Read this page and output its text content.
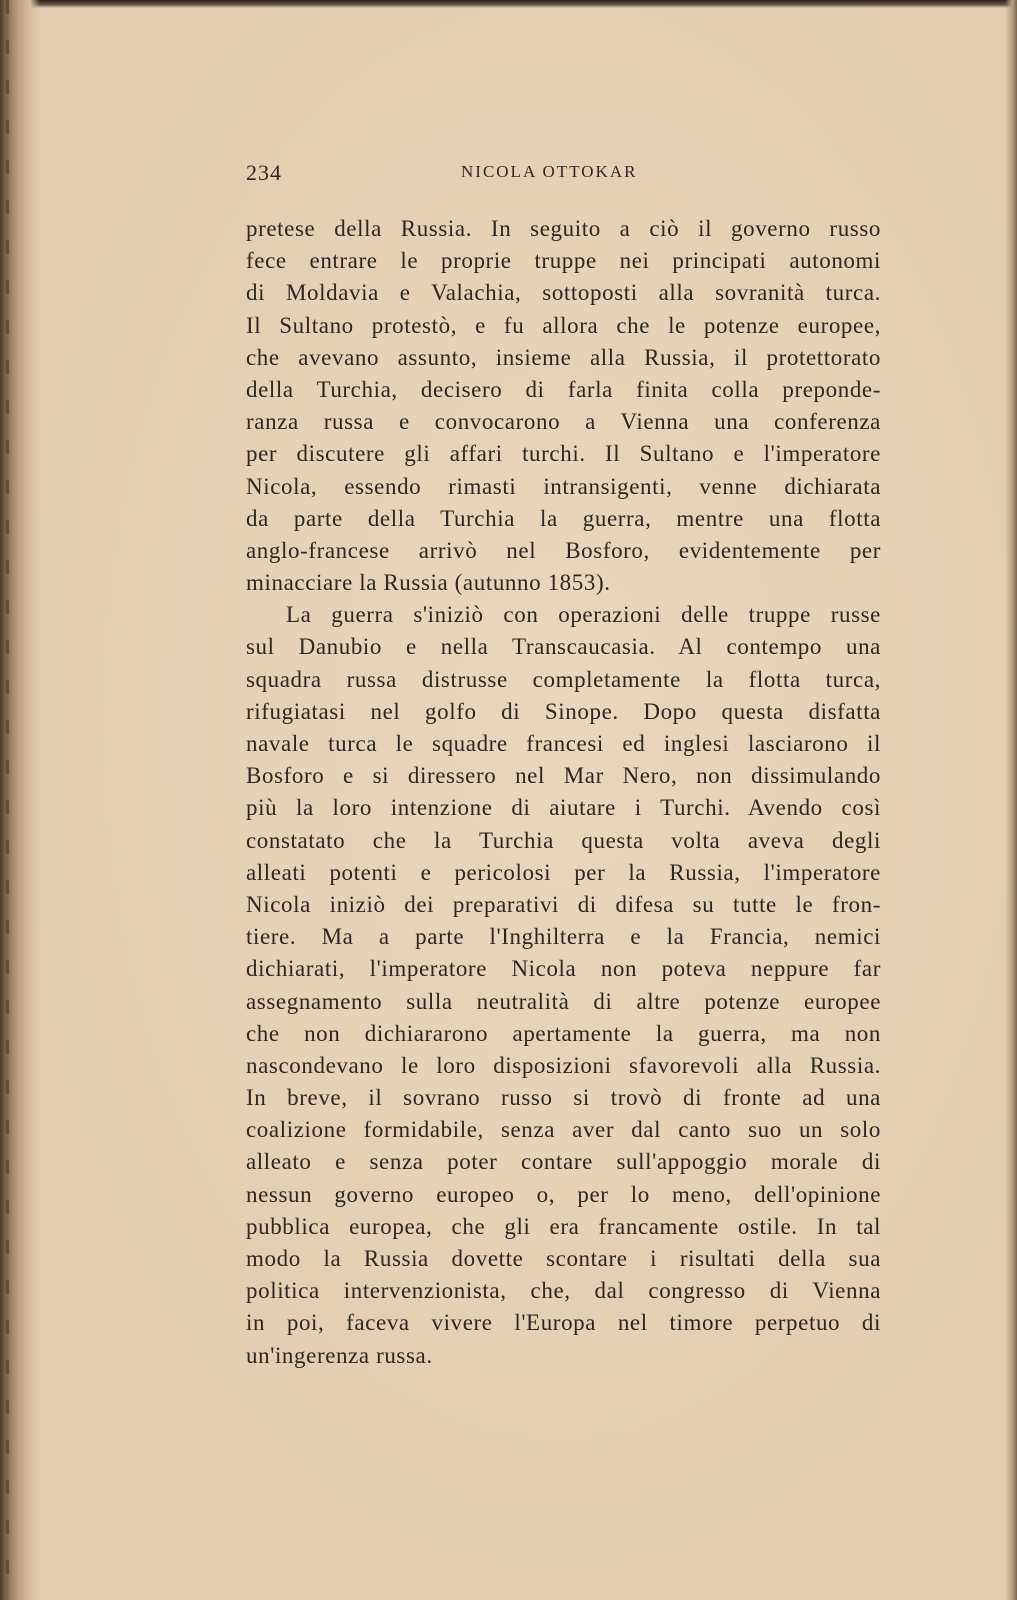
234	NICOLA OTTOKAR
pretese della Russia. In seguito a ciò il governo russo
fece entrare le proprie truppe nei principati autonomi
di Moldavia e Valachia, sottoposti alla sovranità turca.
Il Sultano protestò, e fu allora che le potenze europee,
che avevano assunto, insieme alla Russia, il protettorato
della Turchia, decisero di farla finita colla preponde-
ranza russa e convocarono a Vienna una conferenza
per discutere gli affari turchi. Il Sultano e l'imperatore
Nicola, essendo rimasti intransigenti, venne dichiarata
da parte della Turchia la guerra, mentre una flotta
anglo-francese arrivò nel Bosforo, evidentemente per
minacciare la Russia (autunno 1853).
La guerra s'iniziò con operazioni delle truppe russe
sul Danubio e nella Transcaucasia. Al contempo una
squadra russa distrusse completamente la flotta turca,
rifugiatasi nel golfo di Sinope. Dopo questa disfatta
navale turca le squadre francesi ed inglesi lasciarono il
Bosforo e si diressero nel Mar Nero, non dissimulando
più la loro intenzione di aiutare i Turchi. Avendo così
constatato che la Turchia questa volta aveva degli
alleati potenti e pericolosi per la Russia, l'imperatore
Nicola iniziò dei preparativi di difesa su tutte le fron-
tiere. Ma a parte l'Inghilterra e la Francia, nemici
dichiarati, l'imperatore Nicola non poteva neppure far
assegnamento sulla neutralità di altre potenze europee
che non dichiararono apertamente la guerra, ma non
nascondevano le loro disposizioni sfavorevoli alla Russia.
In breve, il sovrano russo si trovò di fronte ad una
coalizione formidabile, senza aver dal canto suo un solo
alleato e senza poter contare sull'appoggio morale di
nessun governo europeo o, per lo meno, dell'opinione
pubblica europea, che gli era francamente ostile. In tal
modo la Russia dovette scontare i risultati della sua
politica intervenzionista, che, dal congresso di Vienna
in poi, faceva vivere l'Europa nel timore perpetuo di
un'ingerenza russa.
